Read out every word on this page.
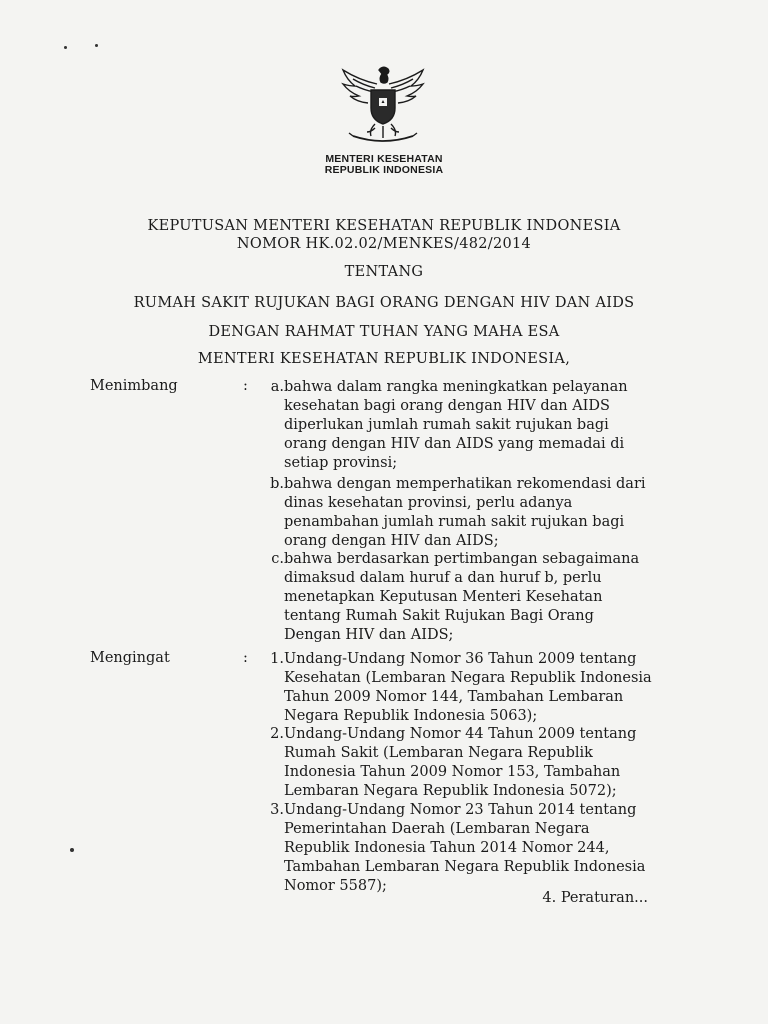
MENTERI KESEHATAN
REPUBLIK INDONESIA
KEPUTUSAN MENTERI KESEHATAN REPUBLIK INDONESIA
NOMOR HK.02.02/MENKES/482/2014
TENTANG
RUMAH SAKIT RUJUKAN BAGI ORANG DENGAN HIV DAN AIDS
DENGAN RAHMAT TUHAN YANG MAHA ESA
MENTERI KESEHATAN REPUBLIK INDONESIA,
Menimbang	:	a. bahwa dalam rangka meningkatkan pelayanan
kesehatan bagi orang dengan HIV dan AIDS
diperlukan jumlah rumah sakit rujukan bagi
orang dengan HIV dan AIDS yang memadai di
setiap provinsi;
b. bahwa dengan memperhatikan rekomendasi dari
dinas kesehatan provinsi, perlu adanya
penambahan jumlah rumah sakit rujukan bagi
orang dengan HIV dan AIDS;
c. bahwa berdasarkan pertimbangan sebagaimana
dimaksud dalam huruf a dan huruf b, perlu
menetapkan Keputusan Menteri Kesehatan
tentang Rumah Sakit Rujukan Bagi Orang
Dengan HIV dan AIDS;
Mengingat	:	1. Undang-Undang Nomor 36 Tahun 2009 tentang
Kesehatan (Lembaran Negara Republik Indonesia
Tahun 2009 Nomor 144, Tambahan Lembaran
Negara Republik Indonesia 5063);
2. Undang-Undang Nomor 44 Tahun 2009 tentang
Rumah Sakit (Lembaran Negara Republik
Indonesia Tahun 2009 Nomor 153, Tambahan
Lembaran Negara Republik Indonesia 5072);
3. Undang-Undang Nomor 23 Tahun 2014 tentang
Pemerintahan Daerah (Lembaran Negara
Republik Indonesia Tahun 2014 Nomor 244,
Tambahan Lembaran Negara Republik Indonesia
Nomor 5587);
4. Peraturan...
